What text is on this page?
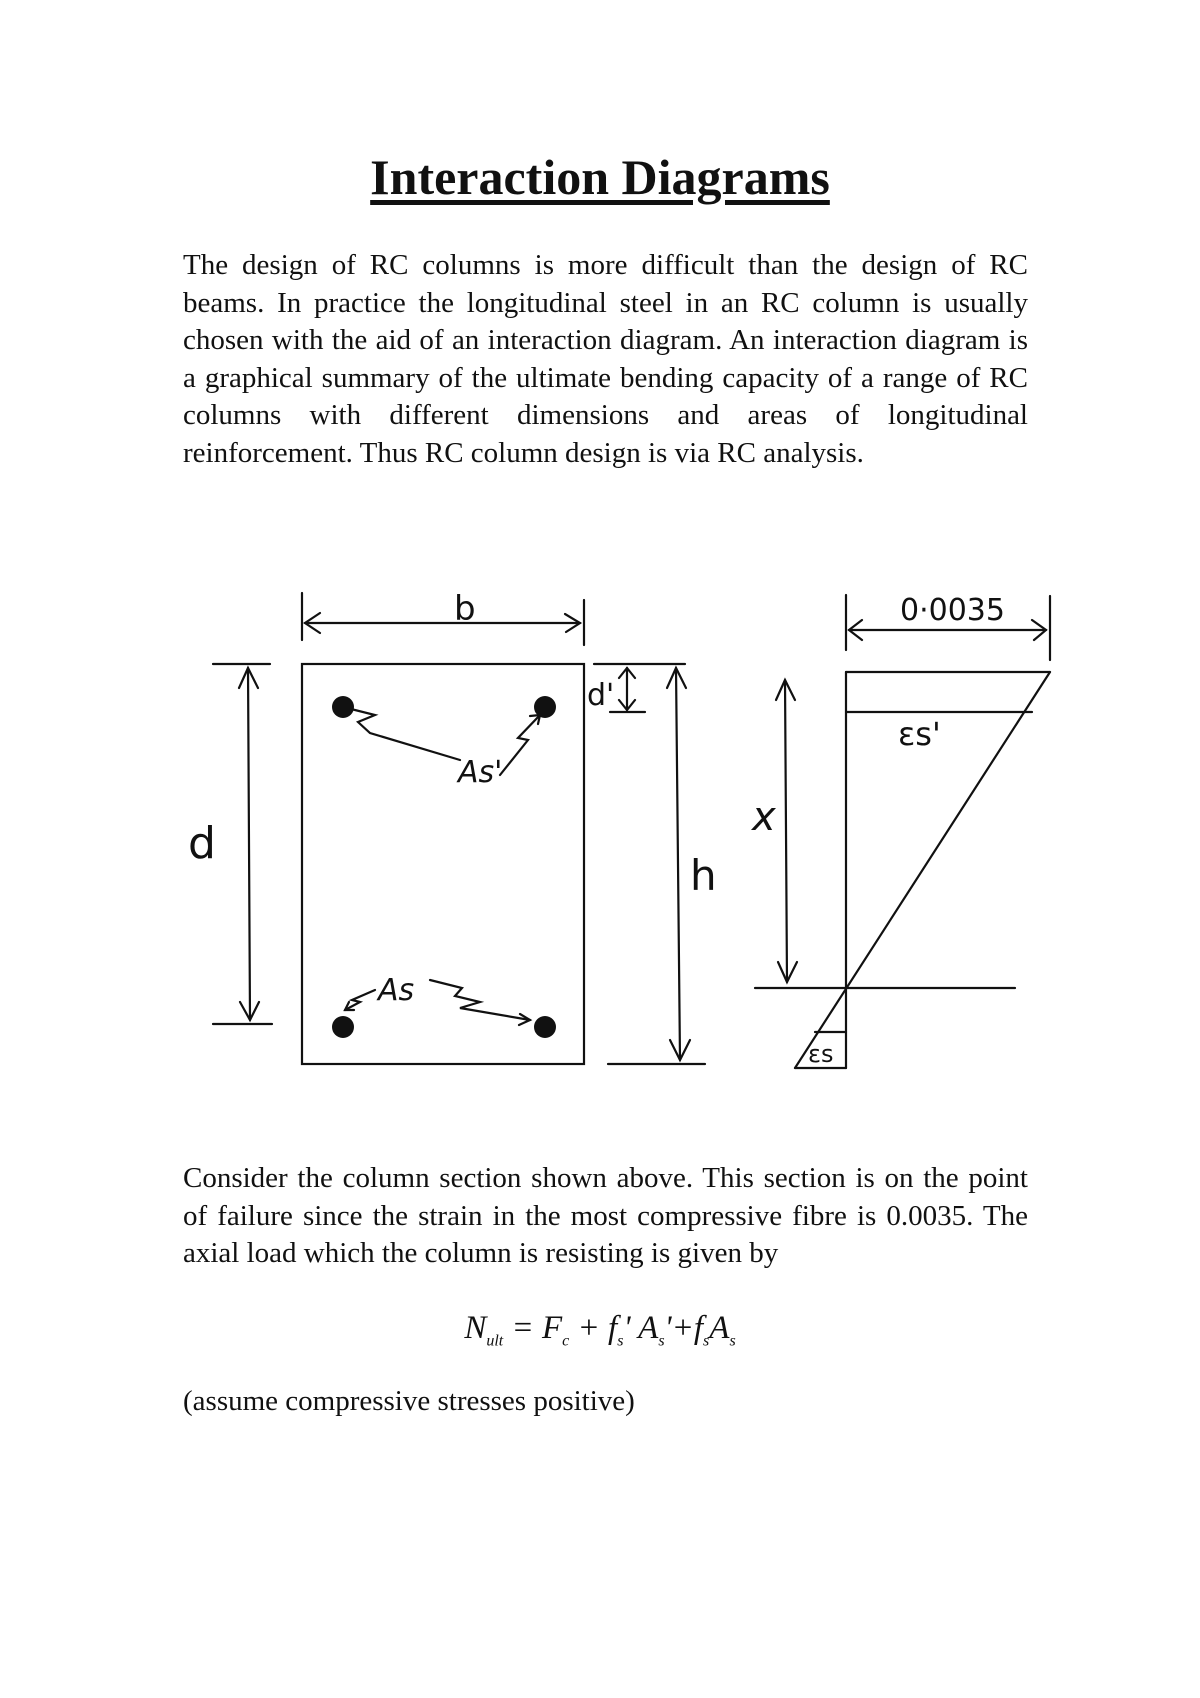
Interaction Diagrams
The design of RC columns is more difficult than the design of RC beams. In practice the longitudinal steel in an RC column is usually chosen with the aid of an interaction diagram. An interaction diagram is a graphical summary of the ultimate bending capacity of a range of RC columns with different dimensions and areas of longitudinal reinforcement. Thus RC column design is via RC analysis.
b
d
h
d'
As'
As
x
0·0035
εs'
εs
Consider the column section shown above. This section is on the point of failure since the strain in the most compressive fibre is 0.0035. The axial load which the column is resisting is given by
$N_{ult} = F_c + f_s'$ $A_s'+f_sA_s$
(assume compressive stresses positive)
